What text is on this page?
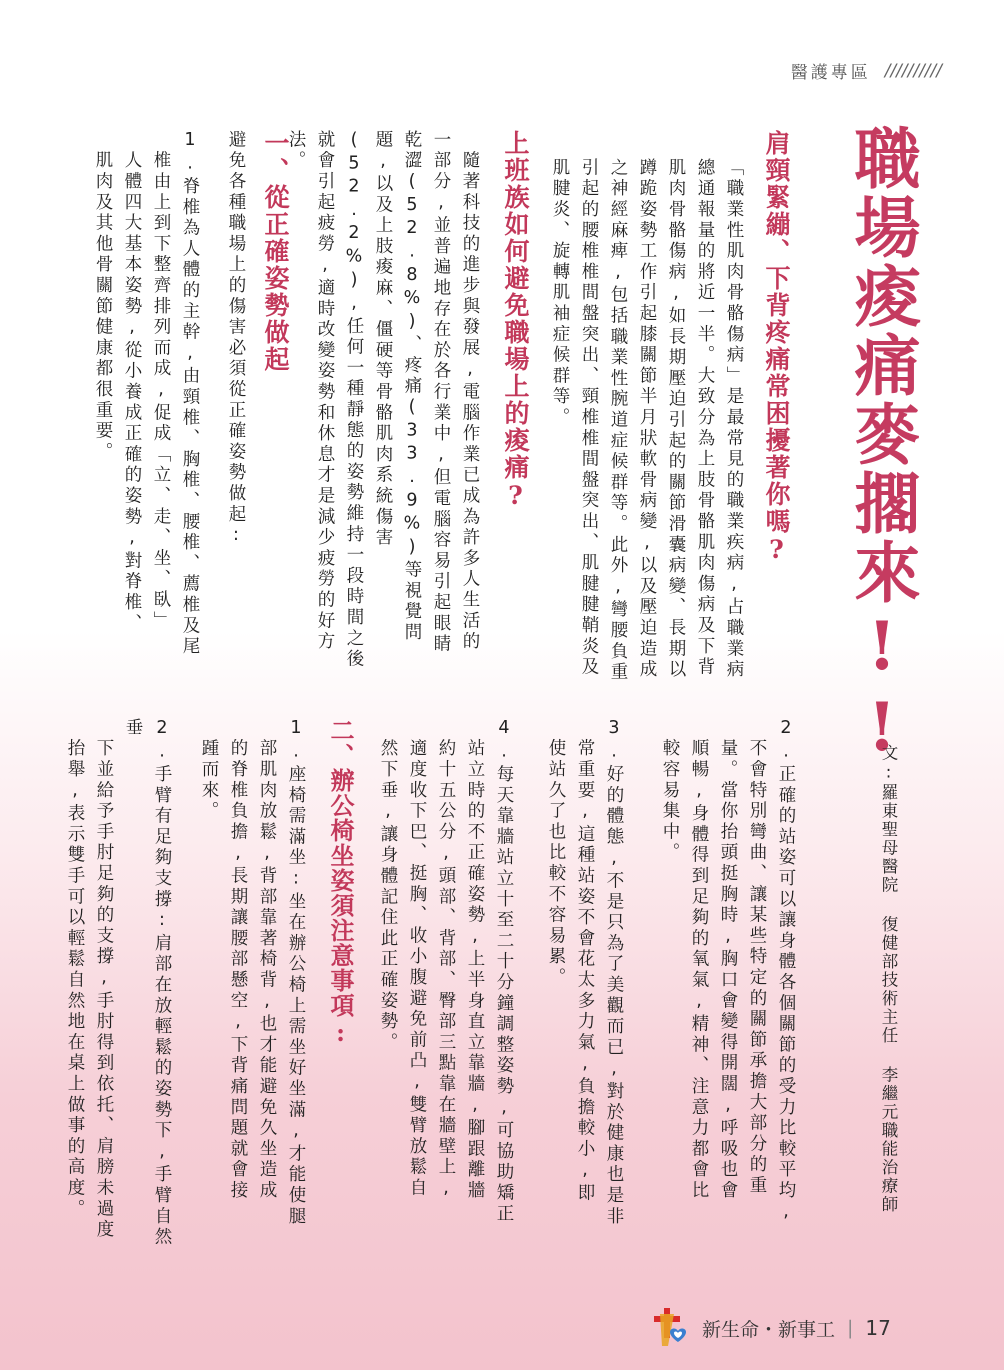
醫護專區 //////////
職場痠痛麥擱來!!
肩頸緊繃、下背疼痛常困擾著你嗎?
「職業性肌肉骨骼傷病」是最常見的職業疾病,占職業病總通報量的將近一半。大致分為上肢骨骼肌肉傷病及下背肌肉骨骼傷病,如長期壓迫引起的關節滑囊病變、長期以蹲跪姿勢工作引起膝關節半月狀軟骨病變,以及壓迫造成之神經麻痺,包括職業性腕道症候群等。此外,彎腰負重引起的腰椎椎間盤突出、頸椎椎間盤突出、肌腱腱鞘炎及肌腱炎、旋轉肌袖症候群等。
上班族如何避免職場上的痠痛?
　隨著科技的進步與發展,電腦作業已成為許多人生活的一部分,並普遍地存在於各行業中,但電腦容易引起眼睛乾澀(52.8%)、疼痛(33.9%)等視覺問題,以及上肢痠麻、僵硬等骨骼肌肉系統傷害(52.2%),任何一種靜態的姿勢維持一段時間之後就會引起疲勞,適時改變姿勢和休息才是減少疲勞的好方法。
一、從正確姿勢做起
避免各種職場上的傷害必須從正確姿勢做起:
1.脊椎為人體的主幹,由頸椎、胸椎、腰椎、薦椎及尾
　椎由上到下整齊排列而成,促成「立、走、坐、臥」
　人體四大基本姿勢,從小養成正確的姿勢,對脊椎、
　肌肉及其他骨關節健康都很重要。
文:羅東聖母醫院 復健部技術主任 李繼元職能治療師
2.正確的站姿可以讓身體各個關節的受力比較平均,
　不會特別彎曲、讓某些特定的關節承擔大部分的重
　量。當你抬頭挺胸時,胸口會變得開闊,呼吸也會
　順暢,身體得到足夠的氧氣,精神、注意力都會比
　較容易集中。
3.好的體態,不是只為了美觀而已,對於健康也是非
　常重要,這種站姿不會花太多力氣,負擔較小,即
　使站久了也比較不容易累。
4.每天靠牆站立十至二十分鐘調整姿勢,可協助矯正
　站立時的不正確姿勢,上半身直立靠牆,腳跟離牆
　約十五公分,頭部、背部、臀部三點靠在牆壁上,
　適度收下巴、挺胸、收小腹避免前凸,雙臂放鬆自
　然下垂,讓身體記住此正確姿勢。
二、辦公椅坐姿須注意事項:
1.座椅需滿坐:坐在辦公椅上需坐好坐滿,才能使腿
　部肌肉放鬆,背部靠著椅背,也才能避免久坐造成
　的脊椎負擔,長期讓腰部懸空,下背痛問題就會接
　踵而來。
2.手臂有足夠支撐:肩部在放輕鬆的姿勢下,手臂自然垂
　下並給予手肘足夠的支撐,手肘得到依托、肩膀未過度
　抬舉,表示雙手可以輕鬆自然地在桌上做事的高度。
新生命・新事工 | 17
